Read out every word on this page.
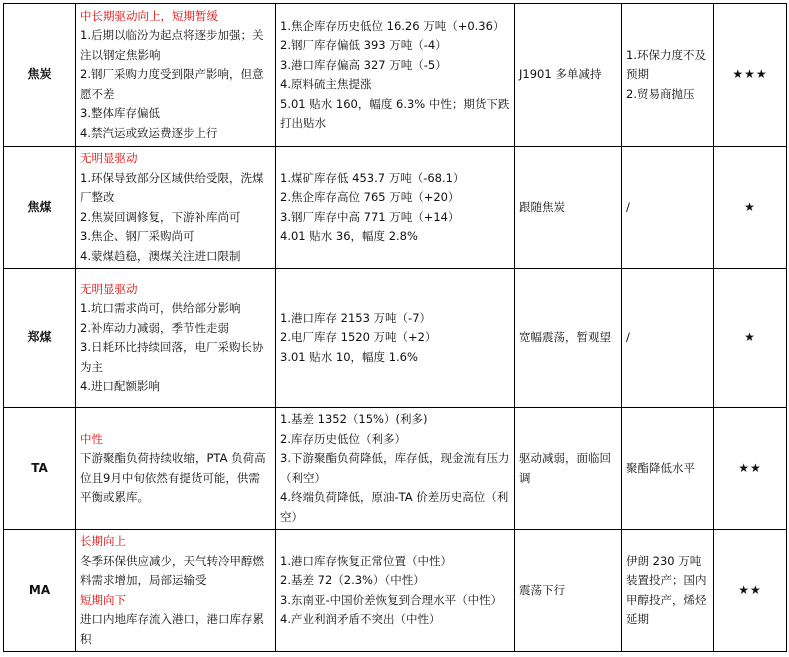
焦炭	中长期驱动向上，短期暂缓
1.后期以临汾为起点将逐步加强；关注以钢定焦影响
2.钢厂采购力度受到限产影响，但意愿不差
3.整体库存偏低
4.禁汽运或致运费逐步上行	1.焦企库存历史低位 16.26 万吨（+0.36）
2.钢厂库存偏低 393 万吨（-4）
3.港口库存偏高 327 万吨（-5）
4.原料硫主焦提涨
5.01 贴水 160，幅度 6.3% 中性；期货下跌打出贴水	J1901 多单减持	1.环保力度不及预期
2.贸易商抛压	★★★
焦煤	无明显驱动
1.环保导致部分区域供给受限，洗煤厂整改
2.焦炭回调修复，下游补库尚可
3.焦企、钢厂采购尚可
4.蒙煤趋稳，澳煤关注进口限制	1.煤矿库存低 453.7 万吨（-68.1）
2.焦企库存高位 765 万吨（+20）
3.钢厂库存中高 771 万吨（+14）
4.01 贴水 36，幅度 2.8%	跟随焦炭	/	★
郑煤	无明显驱动
1.坑口需求尚可，供给部分影响
2.补库动力减弱，季节性走弱
3.日耗环比持续回落，电厂采购长协为主
4.进口配额影响	1.港口库存 2153 万吨（-7）
2.电厂库存 1520 万吨（+2）
3.01 贴水 10，幅度 1.6%	宽幅震荡，暂观望	/	★
TA	中性
下游聚酯负荷持续收缩，PTA 负荷高位且9月中旬依然有提货可能，供需平衡或累库。	1.基差 1352（15%）(利多)
2.库存历史低位（利多）
3.下游聚酯负荷降低，库存低，现金流有压力（利空）
4.终端负荷降低，原油-TA 价差历史高位（利空）	驱动减弱，面临回调	聚酯降低水平	★★
MA	长期向上
冬季环保供应减少，天气转冷甲醇燃料需求增加，局部运输受
短期向下
进口内地库存流入港口，港口库存累积	1.港口库存恢复正常位置（中性）
2.基差 72（2.3%）（中性）
3.东南亚-中国价差恢复到合理水平（中性）
4.产业利润矛盾不突出（中性）	震荡下行	伊朗 230 万吨装置投产；国内甲醇投产，烯烃延期	★★
